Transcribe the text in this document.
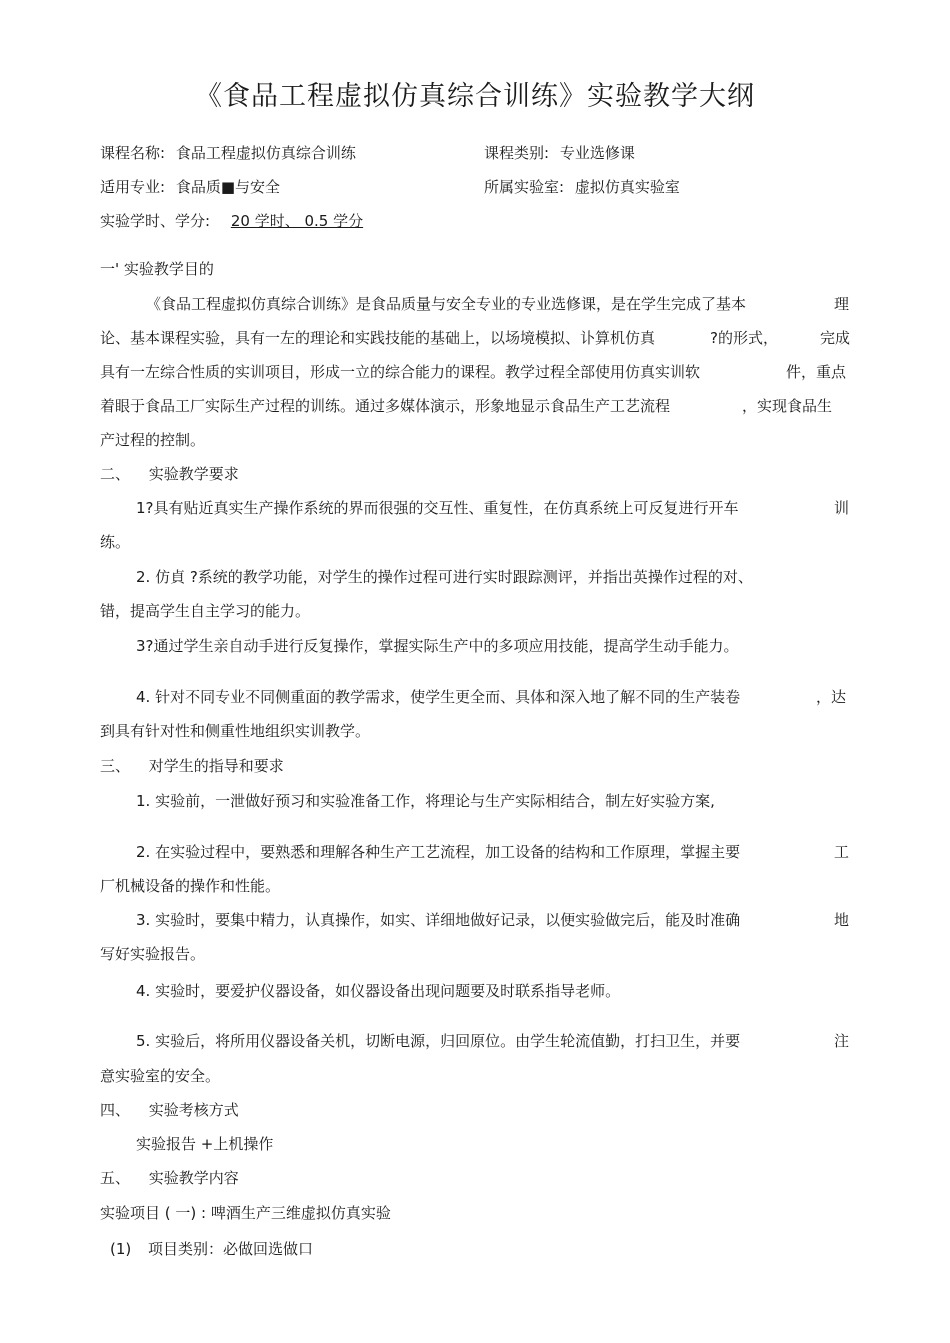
《食品工程虚拟仿真综合训练》实验教学大纲
课程名称: 食品工程虚拟仿真综合训练	课程类别: 专业选修课
适用专业: 食品质■与安全	所属实验室: 虚拟仿真实验室
实验学时、学分: 20 学时、 0.5 学分
一' 实验教学目的
《食品工程虚拟仿真综合训练》是食品质量与安全专业的专业选修课，是在学生完成了基本	理
论、基本课程实验，具有一左的理论和实践技能的基础上，以场境模拟、讣算机仿真	?的形式，	完成
具有一左综合性质的实训项目，形成一立的综合能力的课程。教学过程全部使用仿真实训软	件，重点
着眼于食品工厂实际生产过程的训练。通过多媒体演示，形象地显示食品生产工艺流程	，实现食品生
产过程的控制。
二、 实验教学要求
1?具有贴近真实生产操作系统的界而很强的交互性、重复性，在仿真系统上可反复进行开车	训
练。
2. 仿貞 ?系统的教学功能，对学生的操作过程可进行实时跟踪测评，并指岀英操作过程的对、
错，提高学生自主学习的能力。
3?通过学生亲自动手进行反复操作，掌握实际生产中的多项应用技能，提高学生动手能力。
4. 针对不同专业不同侧重面的教学需求，使学生更全而、具体和深入地了解不同的生产装卷	，达
到具有针对性和侧重性地组织实训教学。
三、 对学生的指导和要求
1. 实验前，一泄做好预习和实验准备工作，将理论与生产实际相结合，制左好实验方案,
2. 在实验过程中，要熟悉和理解各种生产工艺流程，加工设备的结构和工作原理，掌握主要	工
厂机械设备的操作和性能。
3. 实验时，要集中精力，认真操作，如实、详细地做好记录，以便实验做完后，能及时准确	地
写好实验报告。
4. 实验时，要爱护仪器设备，如仪器设备出现问题要及时联系指导老师。
5. 实验后，将所用仪器设备关机，切断电源，归回原位。由学生轮流值勤，打扫卫生，并要	注
意实验室的安全。
四、 实验考核方式
实验报告 +上机操作
五、 实验教学内容
实验项目 ( 一) : 啤酒生产三维虚拟仿真实验
(1) 项目类别：必做回选做口
